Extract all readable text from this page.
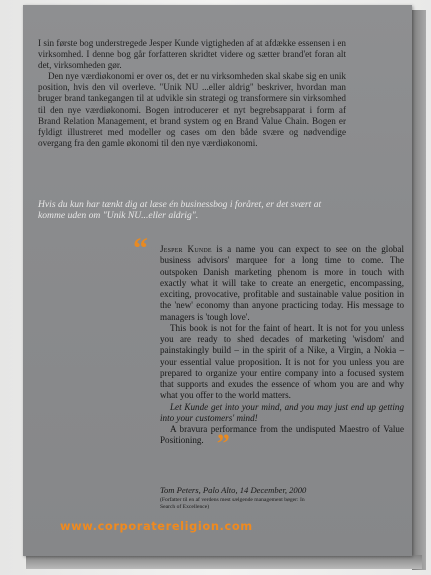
I sin første bog understregede Jesper Kunde vigtigheden af at afdække essensen i en virksomhed. I denne bog går forfatteren skridtet videre og sætter brand'et foran alt det, virksomheden gør.

Den nye værdiøkonomi er over os, det er nu virksomheden skal skabe sig en unik position, hvis den vil overleve. "Unik NU ...eller aldrig" beskriver, hvordan man bruger brand tankegangen til at udvikle sin strategi og transformere sin virksomhed til den nye værdiøkonomi. Bogen introducerer et nyt begrebsapparat i form af Brand Relation Management, et brand system og en Brand Value Chain. Bogen er fyldigt illustreret med modeller og cases om den både svære og nødvendige overgang fra den gamle økonomi til den nye værdiøkonomi.

Hvis du kun har tænkt dig at læse én businessbog i foråret, er det svært at komme uden om "Unik NU...eller aldrig".
“ Jesper Kunde is a name you can expect to see on the global business advisors' marquee for a long time to come. The outspoken Danish marketing phenom is more in touch with exactly what it will take to create an energetic, encompassing, exciting, provocative, profitable and sustainable value position in the 'new' economy than anyone practicing today. His message to managers is 'tough love'.

This book is not for the faint of heart. It is not for you unless you are ready to shed decades of marketing 'wisdom' and painstakingly build – in the spirit of a Nike, a Virgin, a Nokia – your essential value proposition. It is not for you unless you are prepared to organize your entire company into a focused system that supports and exudes the essence of whom you are and why what you offer to the world matters.

Let Kunde get into your mind, and you may just end up getting into your customers' mind!

A bravura performance from the undisputed Maestro of Value Positioning. ”

Tom Peters, Palo Alto, 14 December, 2000
(Forfatter til en af verdens mest sælgende management bøger: In Search of Excellence)
www.corporatereligion.com
